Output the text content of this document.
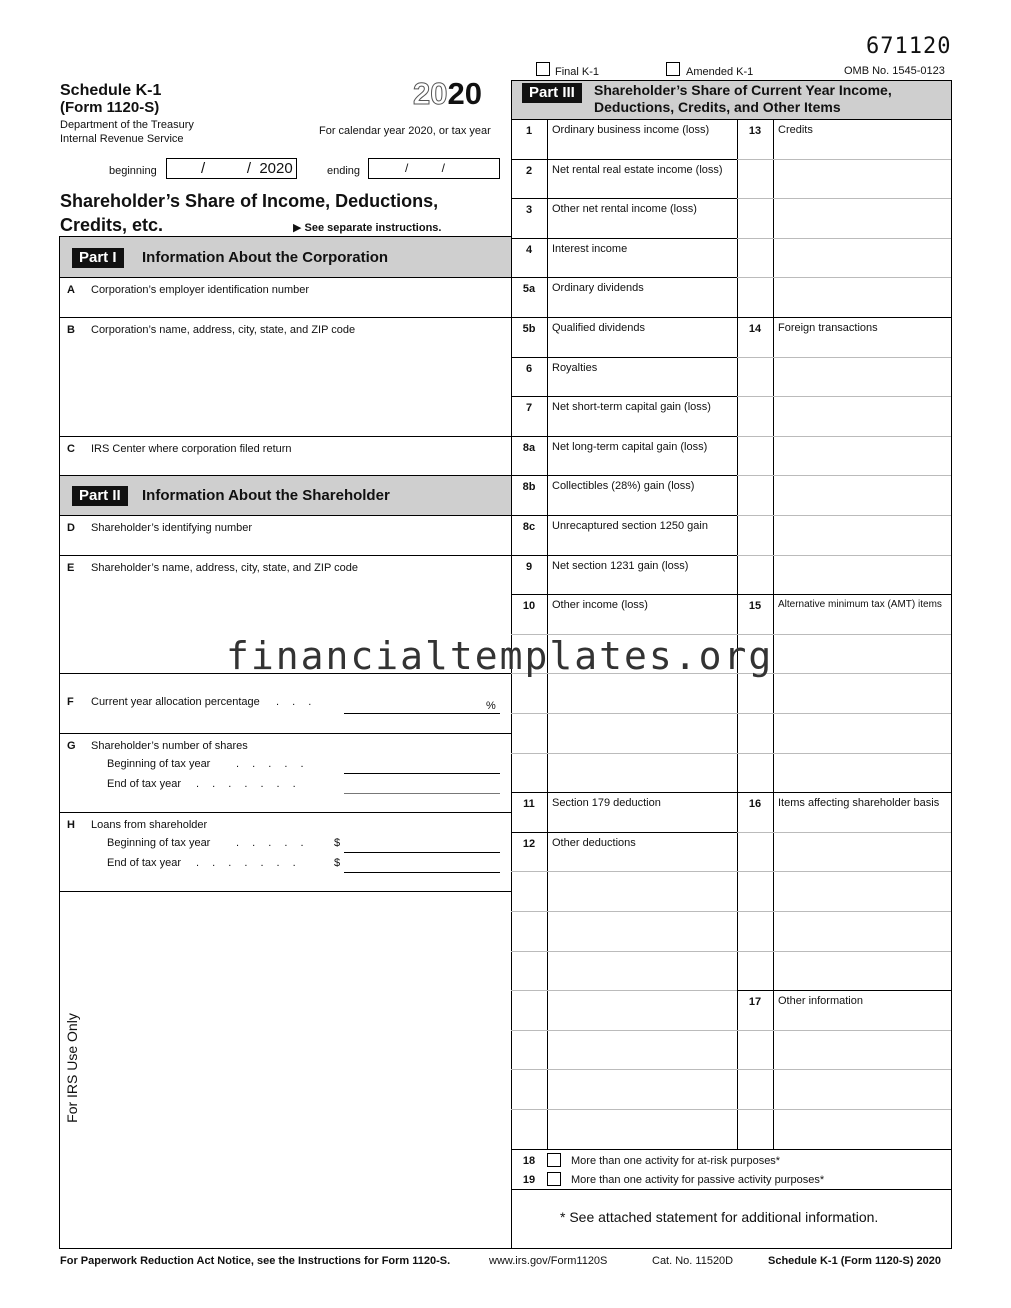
671120
Final K-1	Amended K-1	OMB No. 1545-0123
Schedule K-1
(Form 1120-S)
Department of the Treasury
Internal Revenue Service
2020
For calendar year 2020, or tax year
beginning	/          /  2020	ending	/          /
Shareholder’s Share of Income, Deductions,
Credits, etc.	▶ See separate instructions.
Part I	Information About the Corporation
A Corporation’s employer identification number
B Corporation’s name, address, city, state, and ZIP code
C IRS Center where corporation filed return
Part II	Information About the Shareholder
D Shareholder’s identifying number
E Shareholder’s name, address, city, state, and ZIP code
F Current year allocation percentage . . .	%
G Shareholder’s number of shares
Beginning of tax year . . . . .
End of tax year . . . . . . .
H Loans from shareholder
Beginning of tax year . . . . . $
End of tax year . . . . . . .	$
For IRS Use Only
Part III	Shareholder’s Share of Current Year Income,
Deductions, Credits, and Other Items
1	Ordinary business income (loss)
2	Net rental real estate income (loss)
3	Other net rental income (loss)
4	Interest income
5a	Ordinary dividends
5b	Qualified dividends
6	Royalties
7	Net short-term capital gain (loss)
8a	Net long-term capital gain (loss)
8b	Collectibles (28%) gain (loss)
8c	Unrecaptured section 1250 gain
9	Net section 1231 gain (loss)
10	Other income (loss)
11	Section 179 deduction
12	Other deductions
13	Credits
14	Foreign transactions
15	Alternative minimum tax (AMT) items
16	Items affecting shareholder basis
17	Other information
18	More than one activity for at-risk purposes*
19	More than one activity for passive activity purposes*
* See attached statement for additional information.
financialtemplates.org
For Paperwork Reduction Act Notice, see the Instructions for Form 1120-S.	www.irs.gov/Form1120S	Cat. No. 11520D	Schedule K-1 (Form 1120-S) 2020
